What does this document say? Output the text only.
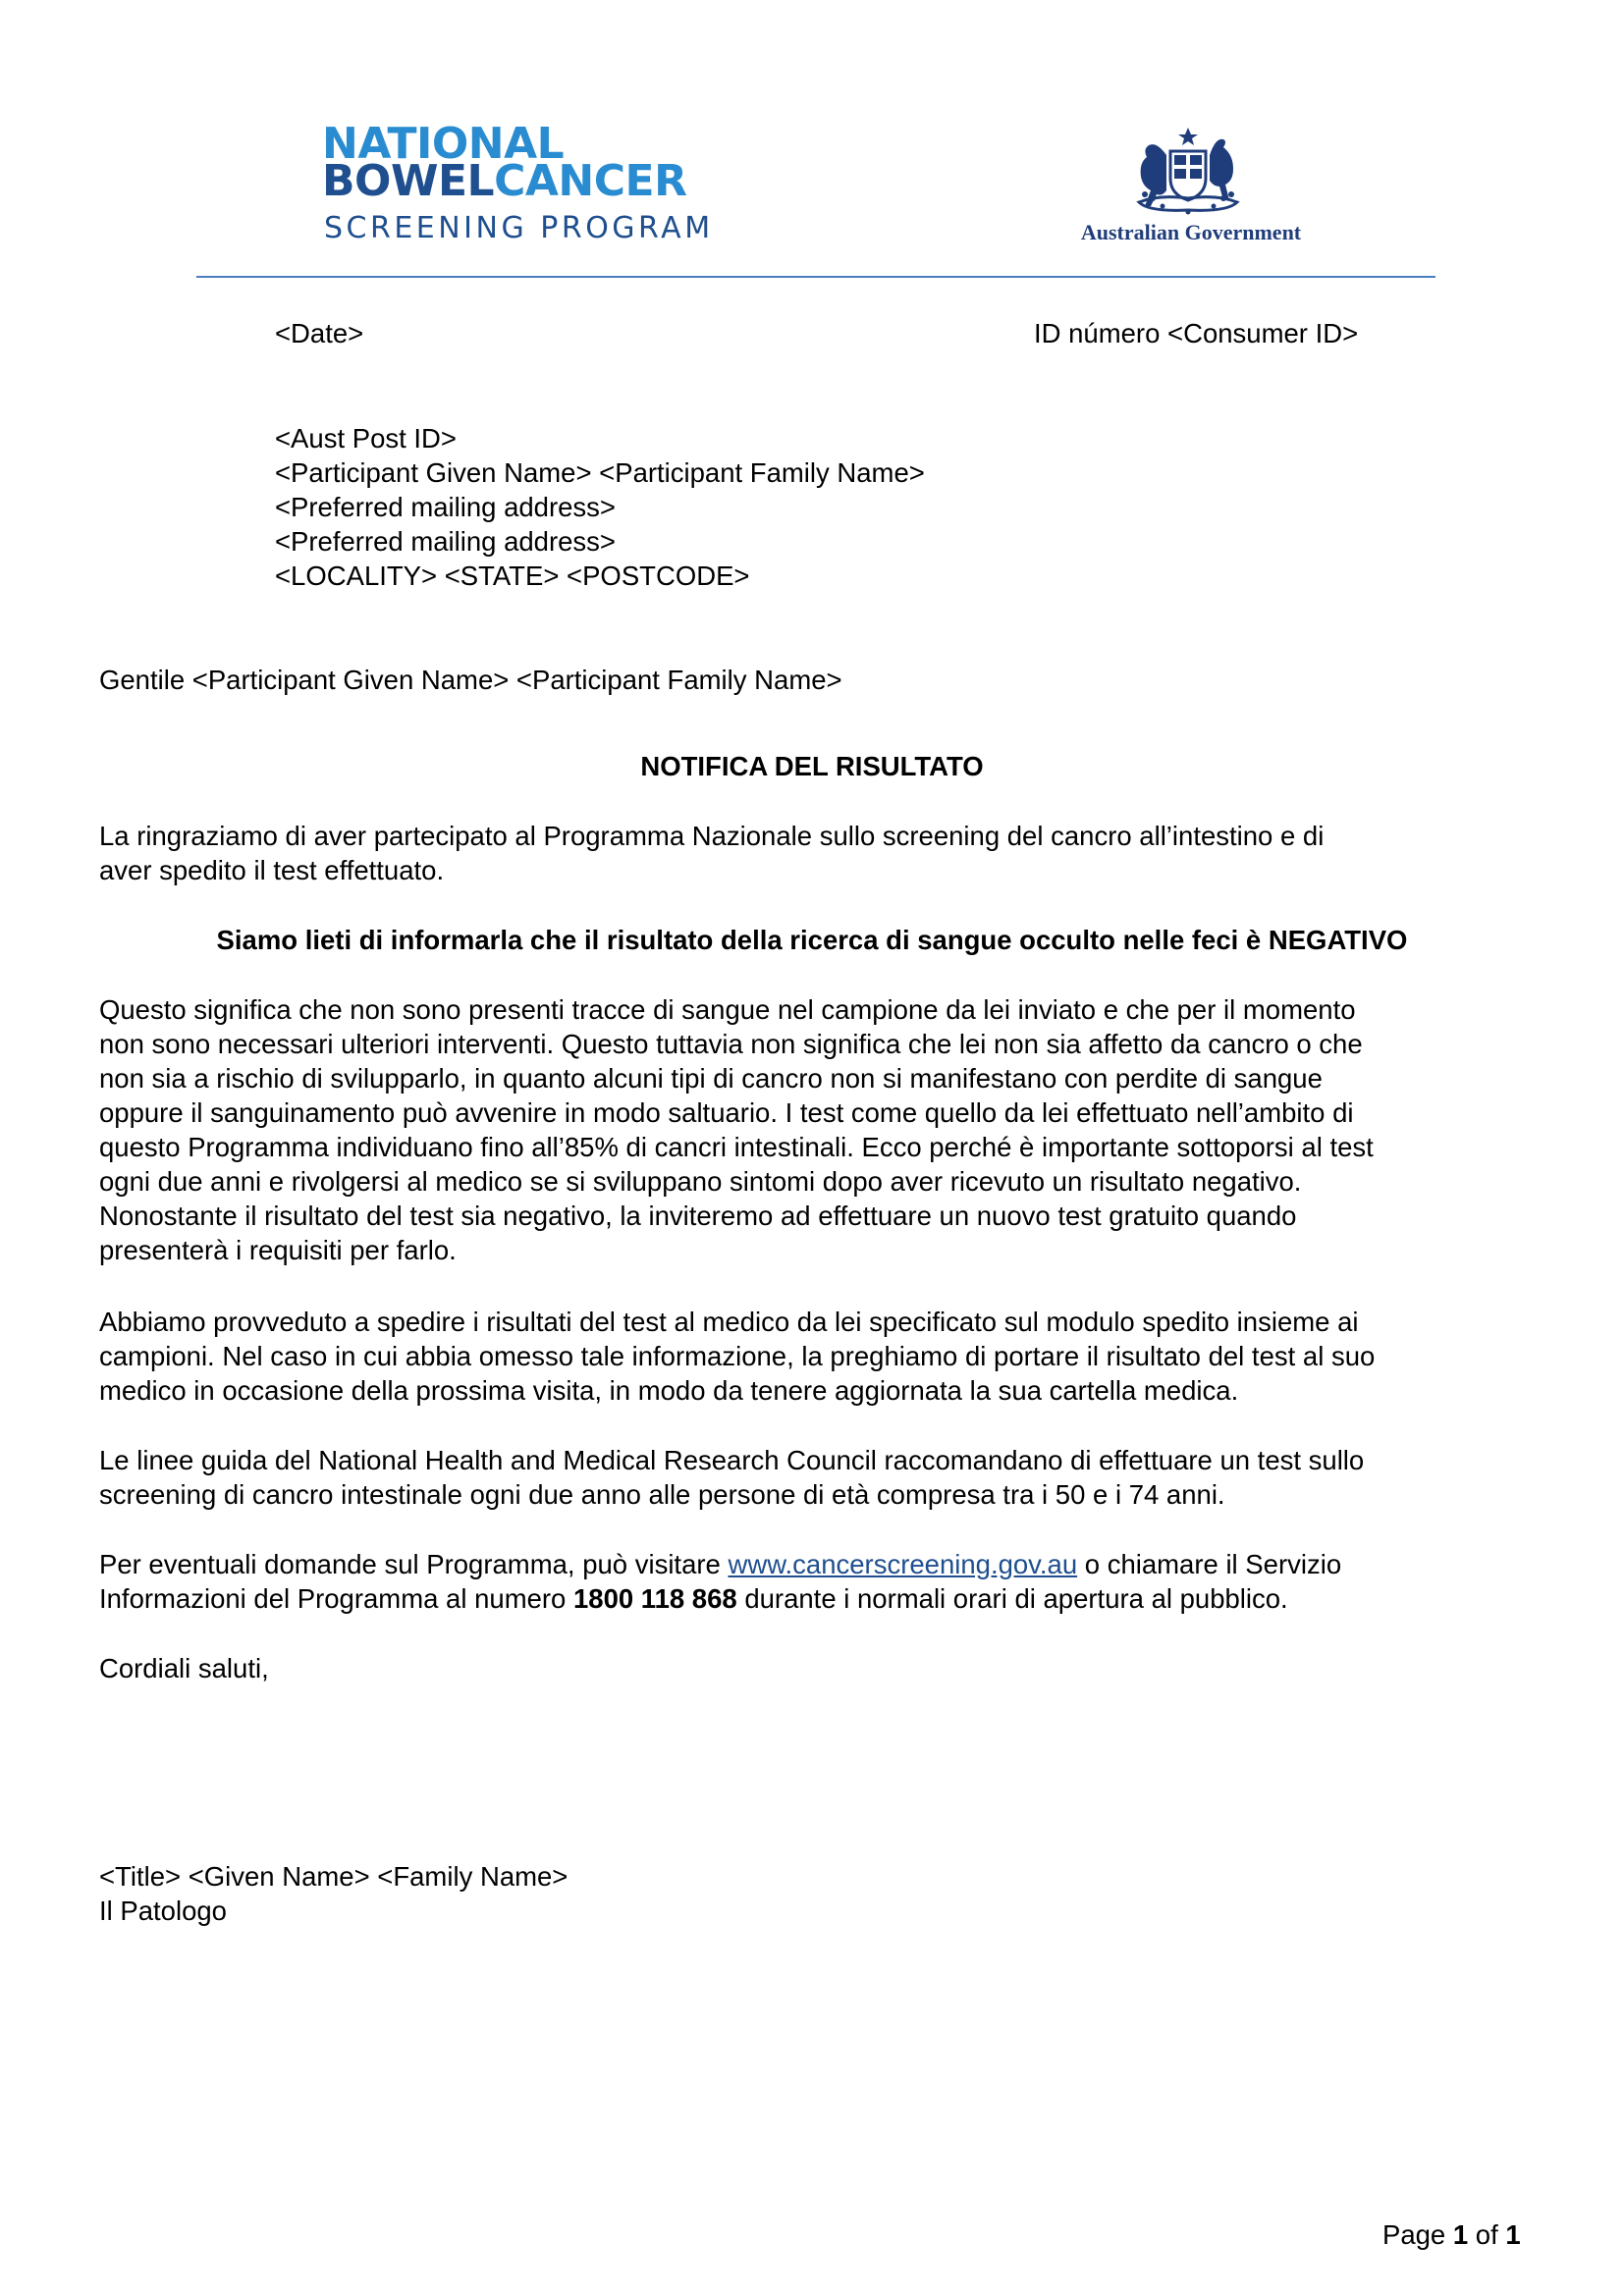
NATIONAL
BOWELCANCER
SCREENING PROGRAM	Australian Government
<Date>	ID número <Consumer ID>
<Aust Post ID>
<Participant Given Name> <Participant Family Name>
<Preferred mailing address>
<Preferred mailing address>
<LOCALITY> <STATE> <POSTCODE>
Gentile <Participant Given Name> <Participant Family Name>
NOTIFICA DEL RISULTATO

La ringraziamo di aver partecipato al Programma Nazionale sullo screening del cancro all’intestino e di

aver spedito il test effettuato.

Siamo lieti di informarla che il risultato della ricerca di sangue occulto nelle feci è NEGATIVO

Questo significa che non sono presenti tracce di sangue nel campione da lei inviato e che per il momento

non sono necessari ulteriori interventi. Questo tuttavia non significa che lei non sia affetto da cancro o che

non sia a rischio di svilupparlo, in quanto alcuni tipi di cancro non si manifestano con perdite di sangue

oppure il sanguinamento può avvenire in modo saltuario. I test come quello da lei effettuato nell’ambito di

questo Programma individuano fino all’85% di cancri intestinali. Ecco perché è importante sottoporsi al test

ogni due anni e rivolgersi al medico se si sviluppano sintomi dopo aver ricevuto un risultato negativo.

Nonostante il risultato del test sia negativo, la inviteremo ad effettuare un nuovo test gratuito quando

presenterà i requisiti per farlo.

Abbiamo provveduto a spedire i risultati del test al medico da lei specificato sul modulo spedito insieme ai

campioni. Nel caso in cui abbia omesso tale informazione, la preghiamo di portare il risultato del test al suo

medico in occasione della prossima visita, in modo da tenere aggiornata la sua cartella medica.

Le linee guida del National Health and Medical Research Council raccomandano di effettuare un test sullo

screening di cancro intestinale ogni due anno alle persone di età compresa tra i 50 e i 74 anni.

Per eventuali domande sul Programma, può visitare www.cancerscreening.gov.au o chiamare il Servizio

Informazioni del Programma al numero 1800 118 868 durante i normali orari di apertura al pubblico.

Cordiali saluti,
<Title> <Given Name> <Family Name>
Il Patologo
Page 1 of 1
